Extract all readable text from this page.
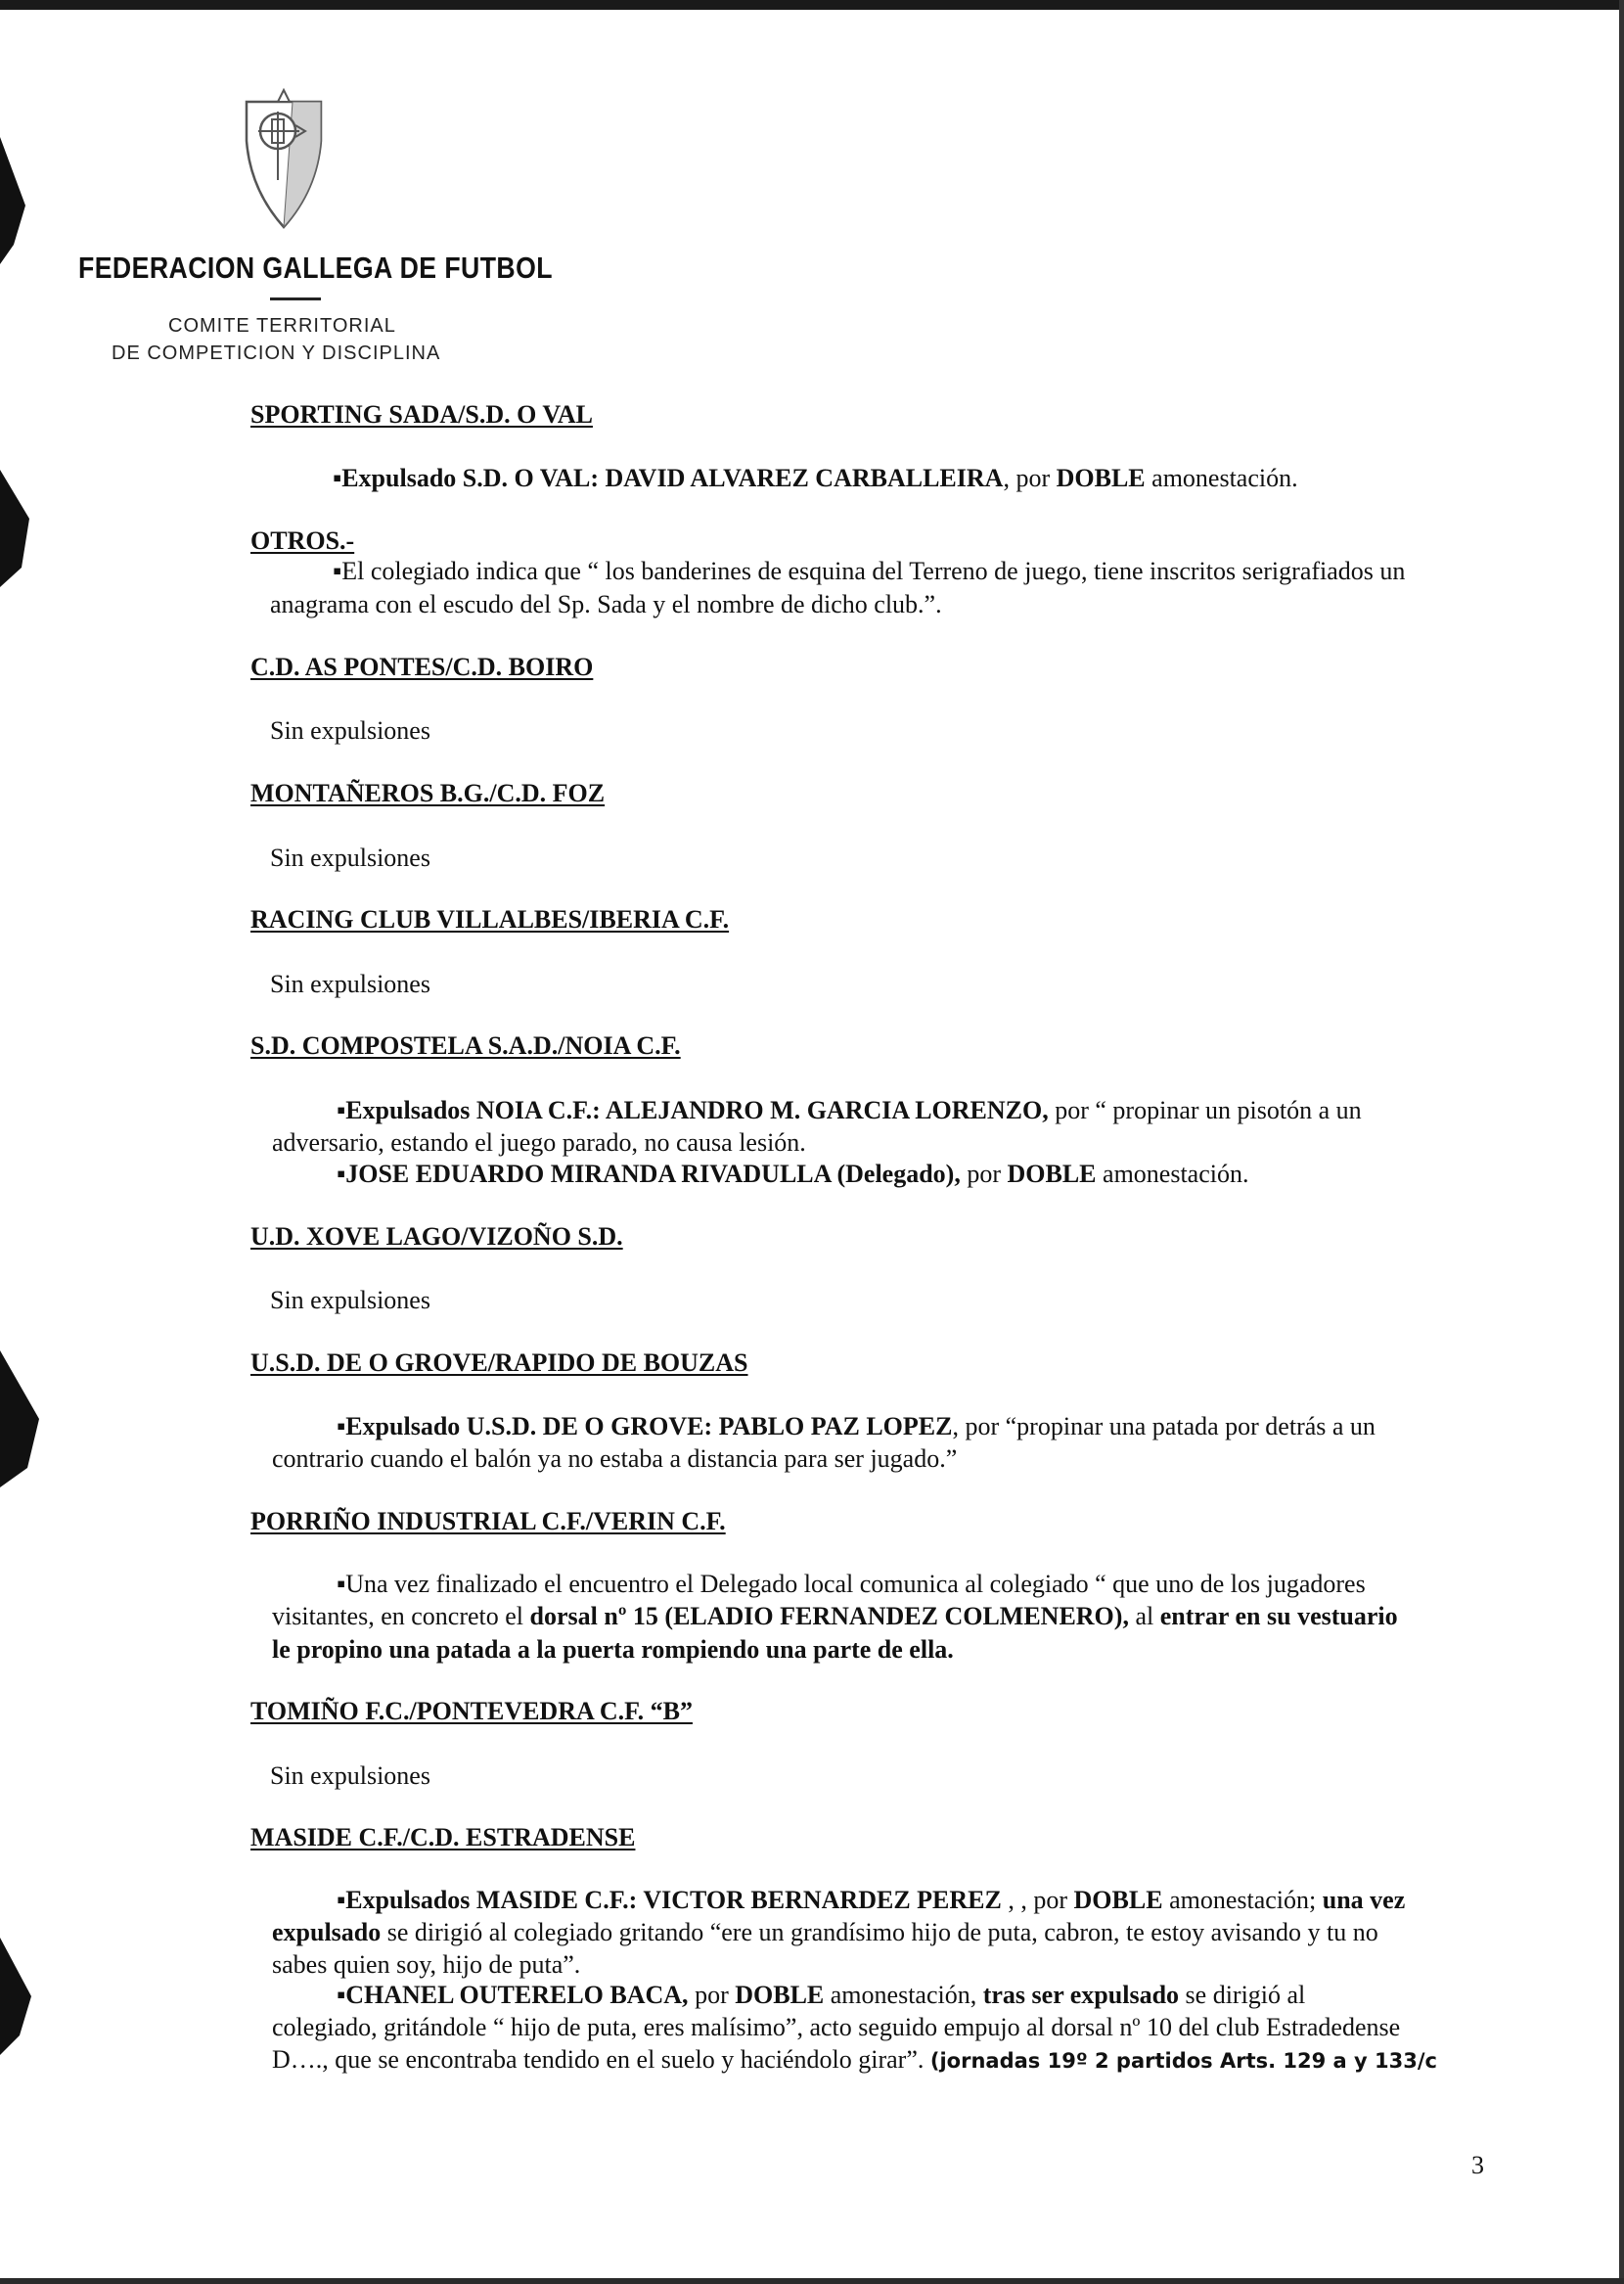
FEDERACION GALLEGA DE FUTBOL
COMITE TERRITORIAL
DE COMPETICION Y DISCIPLINA
SPORTING SADA/S.D. O VAL
▪Expulsado S.D. O VAL: DAVID ALVAREZ CARBALLEIRA, por DOBLE amonestación.
OTROS.-
▪El colegiado indica que “ los banderines de esquina del Terreno de juego, tiene inscritos serigrafiados un
anagrama con el escudo del Sp. Sada y el nombre de dicho club.”.
C.D. AS PONTES/C.D. BOIRO
Sin expulsiones
MONTAÑEROS B.G./C.D. FOZ
Sin expulsiones
RACING CLUB VILLALBES/IBERIA C.F.
Sin expulsiones
S.D. COMPOSTELA S.A.D./NOIA C.F.
▪Expulsados NOIA C.F.: ALEJANDRO M. GARCIA LORENZO, por “ propinar un pisotón a un
adversario, estando el juego parado, no causa lesión.
▪JOSE EDUARDO MIRANDA RIVADULLA (Delegado), por DOBLE amonestación.
U.D. XOVE LAGO/VIZOÑO S.D.
Sin expulsiones
U.S.D. DE O GROVE/RAPIDO DE BOUZAS
▪Expulsado U.S.D. DE O GROVE: PABLO PAZ LOPEZ, por “propinar una patada por detrás a un
contrario cuando el balón ya no estaba a distancia para ser jugado.”
PORRIÑO INDUSTRIAL C.F./VERIN C.F.
▪Una vez finalizado el encuentro el Delegado local comunica al colegiado “ que uno de los jugadores
visitantes, en concreto el dorsal nº 15 (ELADIO FERNANDEZ COLMENERO), al entrar en su vestuario
le propino una patada a la puerta rompiendo una parte de ella.
TOMIÑO F.C./PONTEVEDRA C.F. “B”
Sin expulsiones
MASIDE C.F./C.D. ESTRADENSE
▪Expulsados MASIDE C.F.: VICTOR BERNARDEZ PEREZ , , por DOBLE amonestación; una vez
expulsado se dirigió al colegiado gritando “ere un grandísimo hijo de puta, cabron, te estoy avisando y tu no
sabes quien soy, hijo de puta”.
▪CHANEL OUTERELO BACA, por DOBLE amonestación, tras ser expulsado se dirigió al
colegiado, gritándole “ hijo de puta, eres malísimo”, acto seguido empujo al dorsal nº 10 del club Estradedense
D…., que se encontraba tendido en el suelo y haciéndolo girar”. (jornadas 19º 2 partidos Arts. 129 a y 133/c
3
